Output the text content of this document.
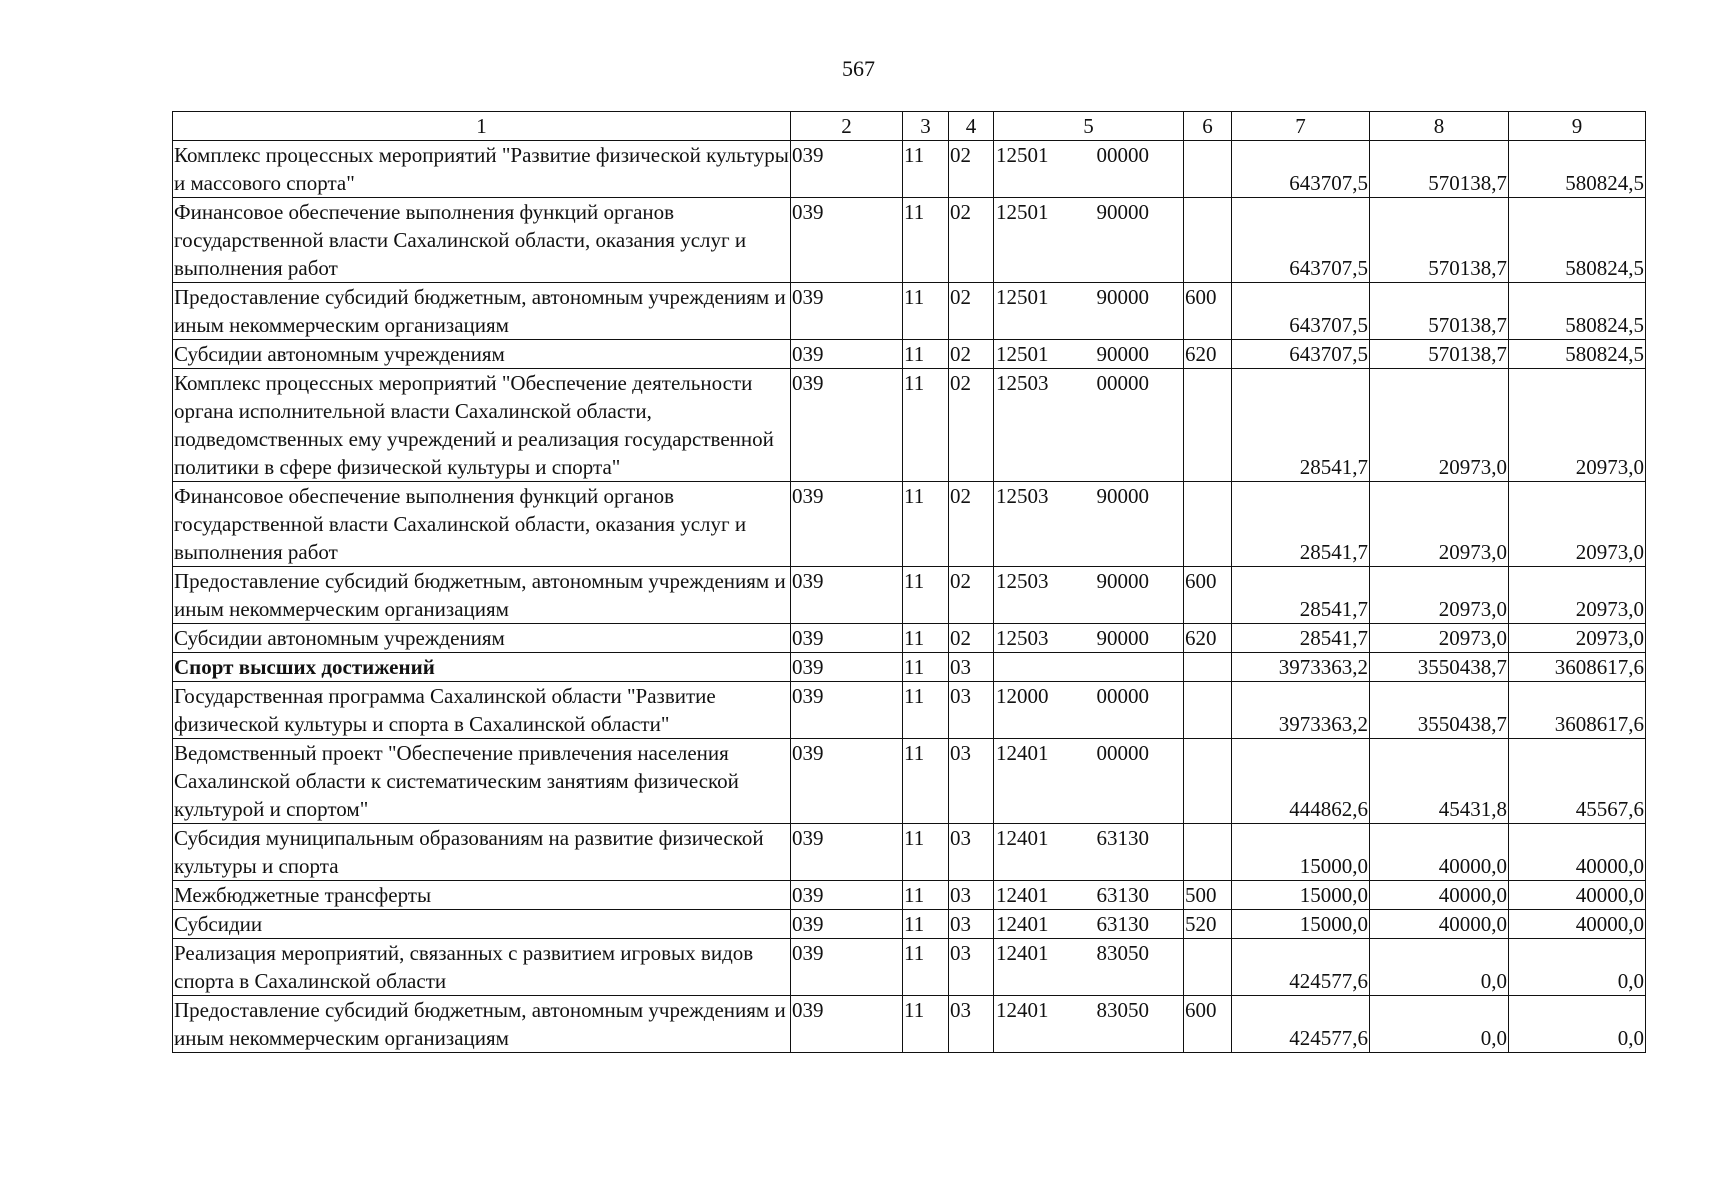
567
1	2	3	4	5	6	7	8	9
Комплекс процессных мероприятий "Развитие физической культуры и массового спорта"	039	11	02	12501 00000		643707,5	570138,7	580824,5
Финансовое обеспечение выполнения функций органов государственной власти Сахалинской области, оказания услуг и выполнения работ	039	11	02	12501 90000		643707,5	570138,7	580824,5
Предоставление субсидий бюджетным, автономным учреждениям и иным некоммерческим организациям	039	11	02	12501 90000	600	643707,5	570138,7	580824,5
Субсидии автономным учреждениям	039	11	02	12501 90000	620	643707,5	570138,7	580824,5
Комплекс процессных мероприятий "Обеспечение деятельности органа исполнительной власти Сахалинской области, подведомственных ему учреждений и реализация государственной политики в сфере физической культуры и спорта"	039	11	02	12503 00000		28541,7	20973,0	20973,0
Финансовое обеспечение выполнения функций органов государственной власти Сахалинской области, оказания услуг и выполнения работ	039	11	02	12503 90000		28541,7	20973,0	20973,0
Предоставление субсидий бюджетным, автономным учреждениям и иным некоммерческим организациям	039	11	02	12503 90000	600	28541,7	20973,0	20973,0
Субсидии автономным учреждениям	039	11	02	12503 90000	620	28541,7	20973,0	20973,0
Спорт высших достижений	039	11	03			3973363,2	3550438,7	3608617,6
Государственная программа Сахалинской области "Развитие физической культуры и спорта в Сахалинской области"	039	11	03	12000 00000		3973363,2	3550438,7	3608617,6
Ведомственный проект "Обеспечение привлечения населения Сахалинской области к систематическим занятиям физической культурой и спортом"	039	11	03	12401 00000		444862,6	45431,8	45567,6
Субсидия муниципальным образованиям на развитие физической культуры и спорта	039	11	03	12401 63130		15000,0	40000,0	40000,0
Межбюджетные трансферты	039	11	03	12401 63130	500	15000,0	40000,0	40000,0
Субсидии	039	11	03	12401 63130	520	15000,0	40000,0	40000,0
Реализация мероприятий, связанных с развитием игровых видов спорта в Сахалинской области	039	11	03	12401 83050		424577,6	0,0	0,0
Предоставление субсидий бюджетным, автономным учреждениям и иным некоммерческим организациям	039	11	03	12401 83050	600	424577,6	0,0	0,0
